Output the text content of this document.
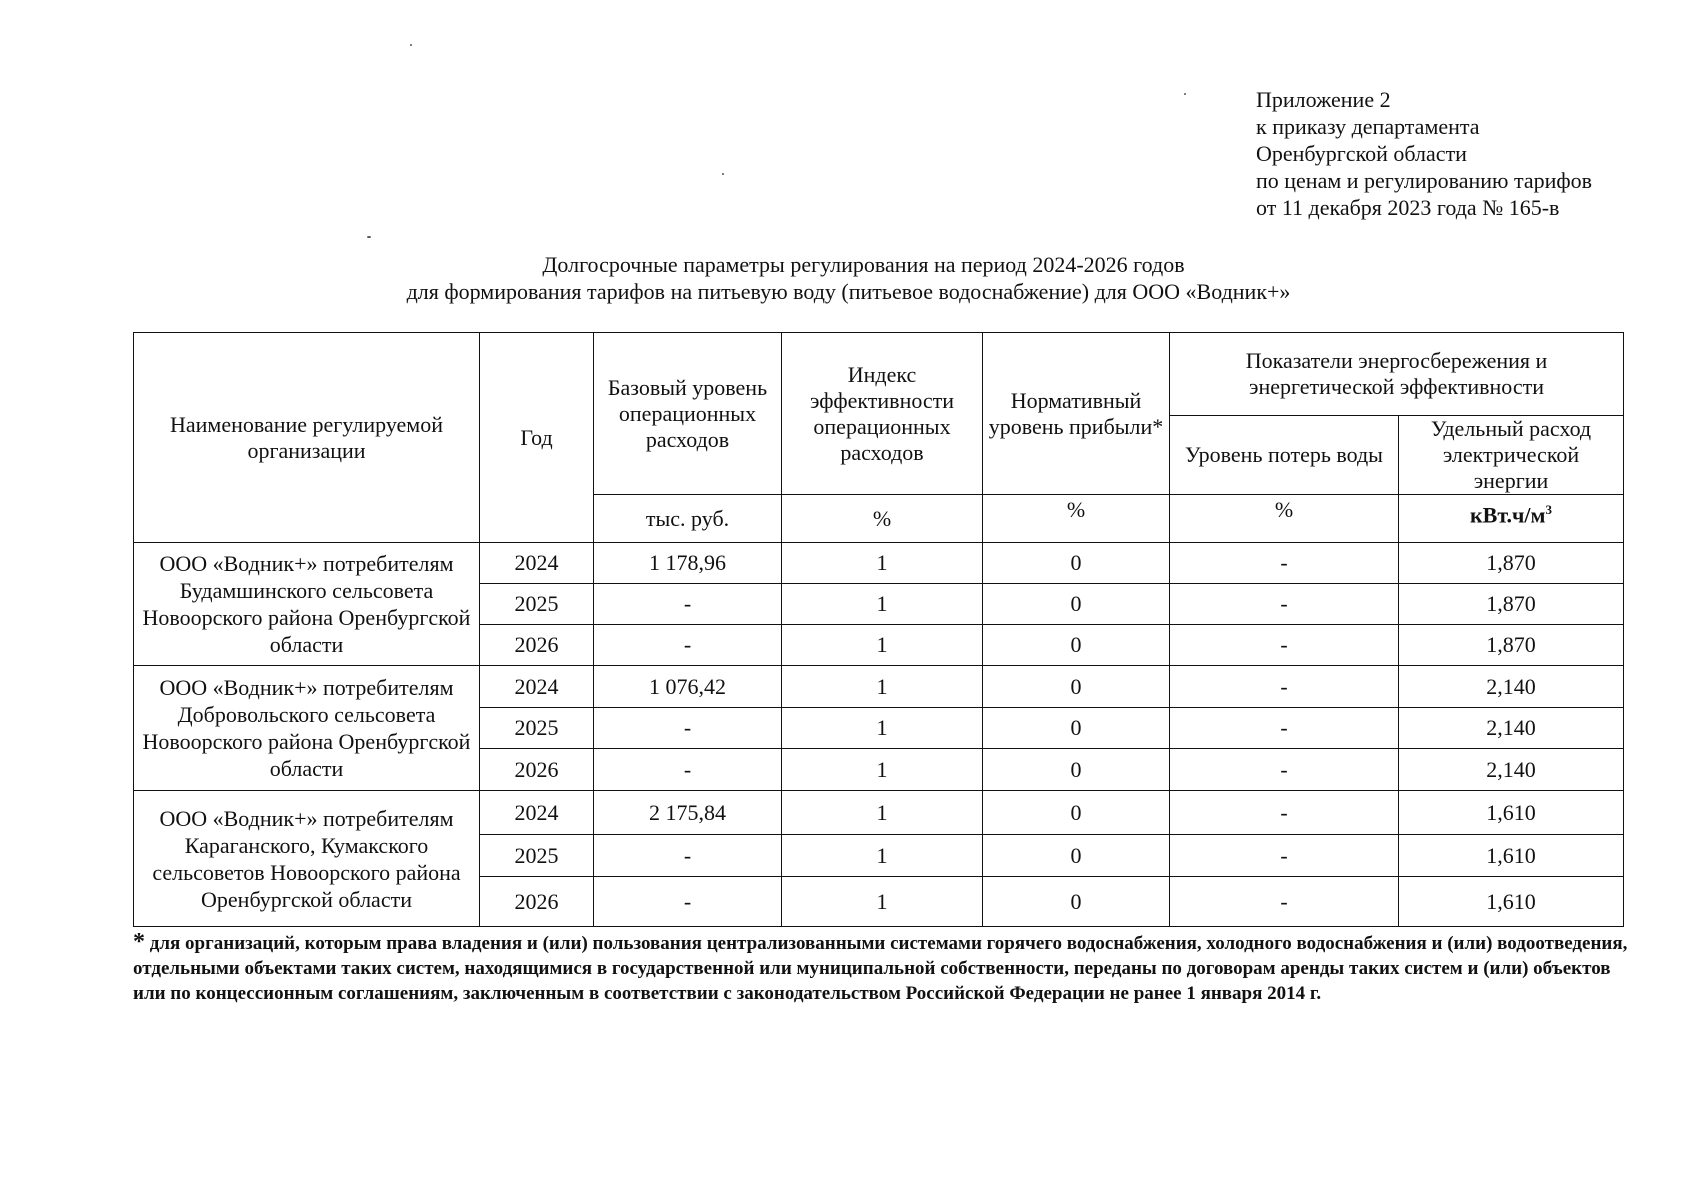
Приложение 2
к приказу департамента
Оренбургской области
по ценам и регулированию тарифов
от 11 декабря 2023 года № 165-в
Долгосрочные параметры регулирования на период 2024-2026 годов
для формирования тарифов на питьевую воду (питьевое водоснабжение) для ООО «Водник+»
Наименование регулируемой организации	Год	Базовый уровень операционных расходов	Индекс эффективности операционных расходов	Нормативный уровень прибыли*	Показатели энергосбережения и энергетической эффективности	
					Уровень потерь воды	Удельный расход электрической энергии
		тыс. руб.	%	%	%	$кВт.ч/м^3$
ООО «Водник+» потребителям Будамшинского сельсовета Новоорского района Оренбургской области	2024	1 178,96	1	0	-	1,870
	2025	-	1	0	-	1,870
	2026	-	1	0	-	1,870
ООО «Водник+» потребителям Добровольского сельсовета Новоорского района Оренбургской области	2024	1 076,42	1	0	-	2,140
	2025	-	1	0	-	2,140
	2026	-	1	0	-	2,140
ООО «Водник+» потребителям Караганского, Кумакского сельсоветов Новоорского района Оренбургской области	2024	2 175,84	1	0	-	1,610
	2025	-	1	0	-	1,610
	2026	-	1	0	-	1,610
* для организаций, которым права владения и (или) пользования централизованными системами горячего водоснабжения, холодного водоснабжения и (или) водоотведения, отдельными объектами таких систем, находящимися в государственной или муниципальной собственности, переданы по договорам аренды таких систем и (или) объектов или по концессионным соглашениям, заключенным в соответствии с законодательством Российской Федерации не ранее 1 января 2014 г.
